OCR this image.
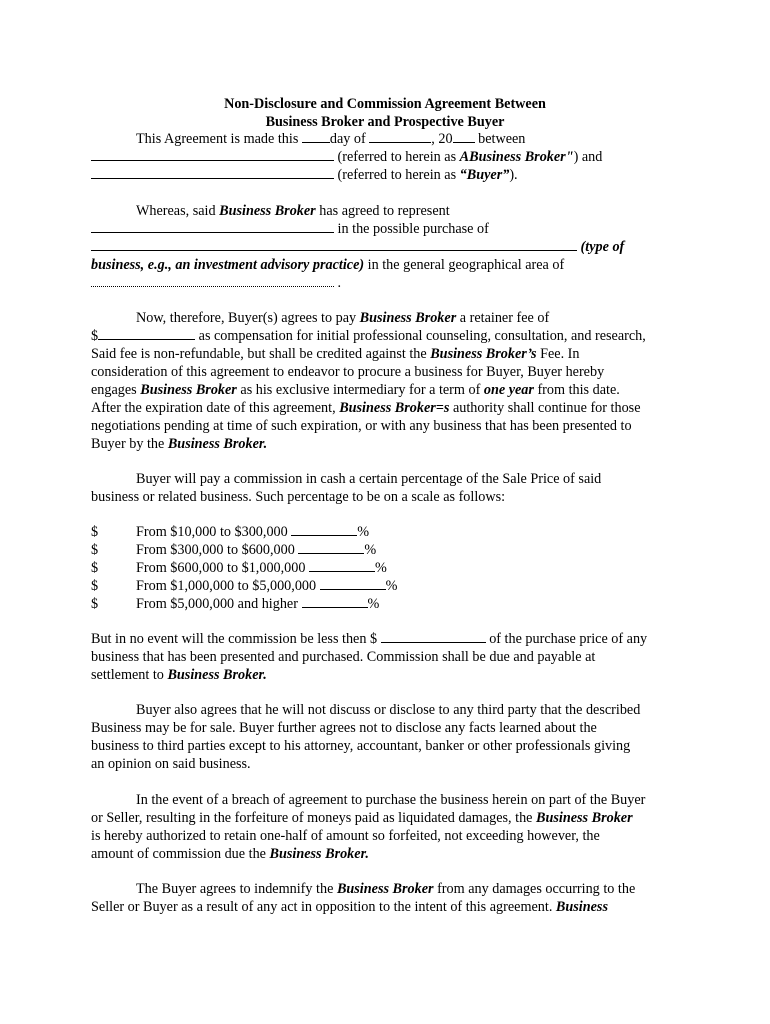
Non-Disclosure and Commission Agreement Between
Business Broker and Prospective Buyer
This Agreement is made this day of	, 20 between
(referred to herein as ABusiness Broker") and
(referred to herein as “Buyer”).
Whereas, said Business Broker has agreed to represent
in the possible purchase of
(type of
business, e.g., an investment advisory practice) in the general geographical area of
.
Now, therefore, Buyer(s) agrees to pay Business Broker a retainer fee of
$	as compensation for initial professional counseling, consultation, and research,
Said fee is non-refundable, but shall be credited against the Business Broker’s Fee. In
consideration of this agreement to endeavor to procure a business for Buyer, Buyer hereby
engages Business Broker as his exclusive intermediary for a term of one year from this date.
After the expiration date of this agreement, Business Broker=s authority shall continue for those
negotiations pending at time of such expiration, or with any business that has been presented to
Buyer by the Business Broker.
Buyer will pay a commission in cash a certain percentage of the Sale Price of said
business or related business. Such percentage to be on a scale as follows:
$	From $10,000 to $300,000	%
$	From $300,000 to $600,000	%
$	From $600,000 to $1,000,000	%
$	From $1,000,000 to $5,000,000	%
$	From $5,000,000 and higher	%
But in no event will the commission be less then $	of the purchase price of any
business that has been presented and purchased. Commission shall be due and payable at
settlement to Business Broker.
Buyer also agrees that he will not discuss or disclose to any third party that the described
Business may be for sale. Buyer further agrees not to disclose any facts learned about the
business to third parties except to his attorney, accountant, banker or other professionals giving
an opinion on said business.
In the event of a breach of agreement to purchase the business herein on part of the Buyer
or Seller, resulting in the forfeiture of moneys paid as liquidated damages, the Business Broker
is hereby authorized to retain one-half of amount so forfeited, not exceeding however, the
amount of commission due the Business Broker.
The Buyer agrees to indemnify the Business Broker from any damages occurring to the
Seller or Buyer as a result of any act in opposition to the intent of this agreement. Business
